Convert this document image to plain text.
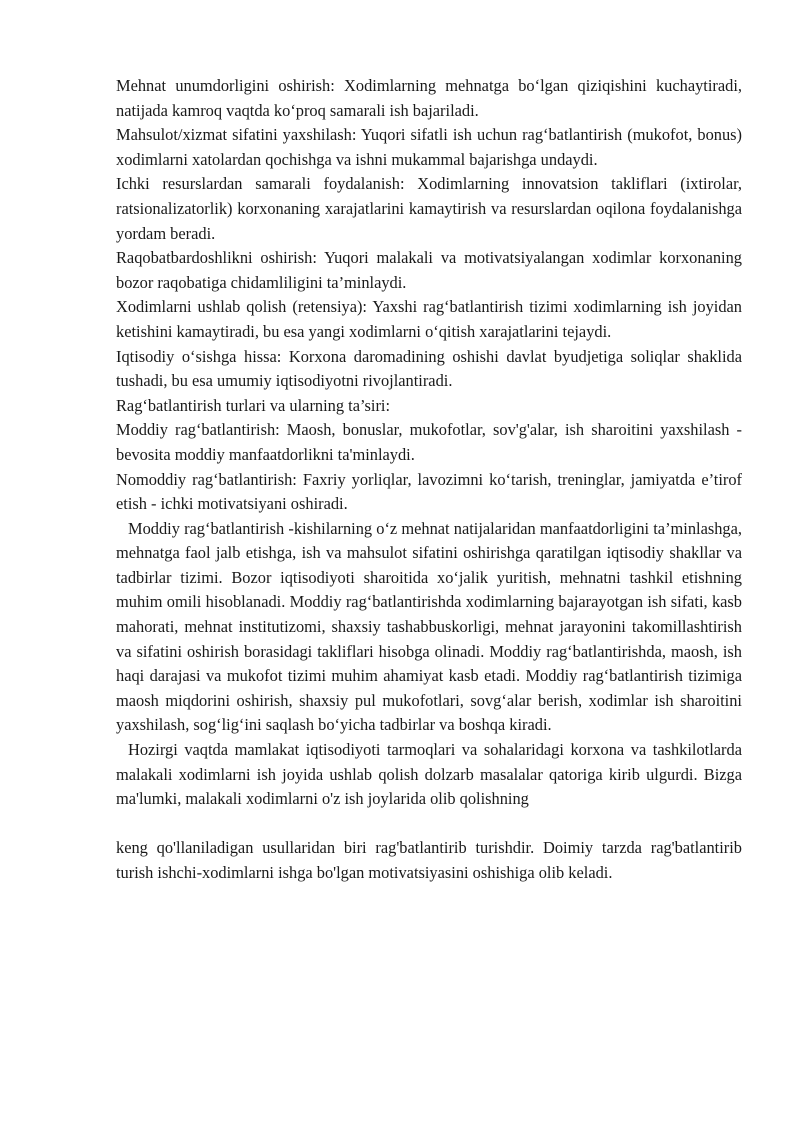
Mehnat unumdorligini oshirish: Xodimlarning mehnatga bo‘lgan qiziqishini kuchaytiradi, natijada kamroq vaqtda ko‘proq samarali ish bajariladi.

Mahsulot/xizmat sifatini yaxshilash: Yuqori sifatli ish uchun rag‘batlantirish (mukofot, bonus) xodimlarni xatolardan qochishga va ishni mukammal bajarishga undaydi.

Ichki resurslardan samarali foydalanish: Xodimlarning innovatsion takliflari (ixtirolar, ratsionalizatorlik) korxonaning xarajatlarini kamaytirish va resurslardan oqilona foydalanishga yordam beradi.

Raqobatbardoshlikni oshirish: Yuqori malakali va motivatsiyalangan xodimlar korxonaning bozor raqobatiga chidamliligini ta’minlaydi.

Xodimlarni ushlab qolish (retensiya): Yaxshi rag‘batlantirish tizimi xodimlarning ish joyidan ketishini kamaytiradi, bu esa yangi xodimlarni o‘qitish xarajatlarini tejaydi.

Iqtisodiy o‘sishga hissa: Korxona daromadining oshishi davlat byudjetiga soliqlar shaklida tushadi, bu esa umumiy iqtisodiyotni rivojlantiradi.

Rag‘batlantirish turlari va ularning ta’siri:

Moddiy rag‘batlantirish: Maosh, bonuslar, mukofotlar, sov'g'alar, ish sharoitini yaxshilash - bevosita moddiy manfaatdorlikni ta'minlaydi.

Nomoddiy rag‘batlantirish: Faxriy yorliqlar, lavozimni ko‘tarish, treninglar, jamiyatda e’tirof etish - ichki motivatsiyani oshiradi.

Moddiy rag‘batlantirish -kishilarning o‘z mehnat natijalaridan manfaatdorligini ta’minlashga, mehnatga faol jalb etishga, ish va mahsulot sifatini oshirishga qaratilgan iqtisodiy shakllar va tadbirlar tizimi. Bozor iqtisodiyoti sharoitida xo‘jalik yuritish, mehnatni tashkil etishning muhim omili hisoblanadi. Moddiy rag‘batlantirishda xodimlarning bajarayotgan ish sifati, kasb mahorati, mehnat institutizomi, shaxsiy tashabbuskorligi, mehnat jarayonini takomillashtirish va sifatini oshirish borasidagi takliflari hisobga olinadi. Moddiy rag‘batlantirishda, maosh, ish haqi darajasi va mukofot tizimi muhim ahamiyat kasb etadi. Moddiy rag‘batlantirish tizimiga maosh miqdorini oshirish, shaxsiy pul mukofotlari, sovg‘alar berish, xodimlar ish sharoitini yaxshilash, sog‘lig‘ini saqlash bo‘yicha tadbirlar va boshqa kiradi.

Hozirgi vaqtda mamlakat iqtisodiyoti tarmoqlari va sohalaridagi korxona va tashkilotlarda malakali xodimlarni ish joyida ushlab qolish dolzarb masalalar qatoriga kirib ulgurdi. Bizga ma'lumki, malakali xodimlarni o'z ish joylarida olib qolishning

keng qo'llaniladigan usullaridan biri rag'batlantirib turishdir. Doimiy tarzda rag'batlantirib turish ishchi-xodimlarni ishga bo'lgan motivatsiyasini oshishiga olib keladi.
